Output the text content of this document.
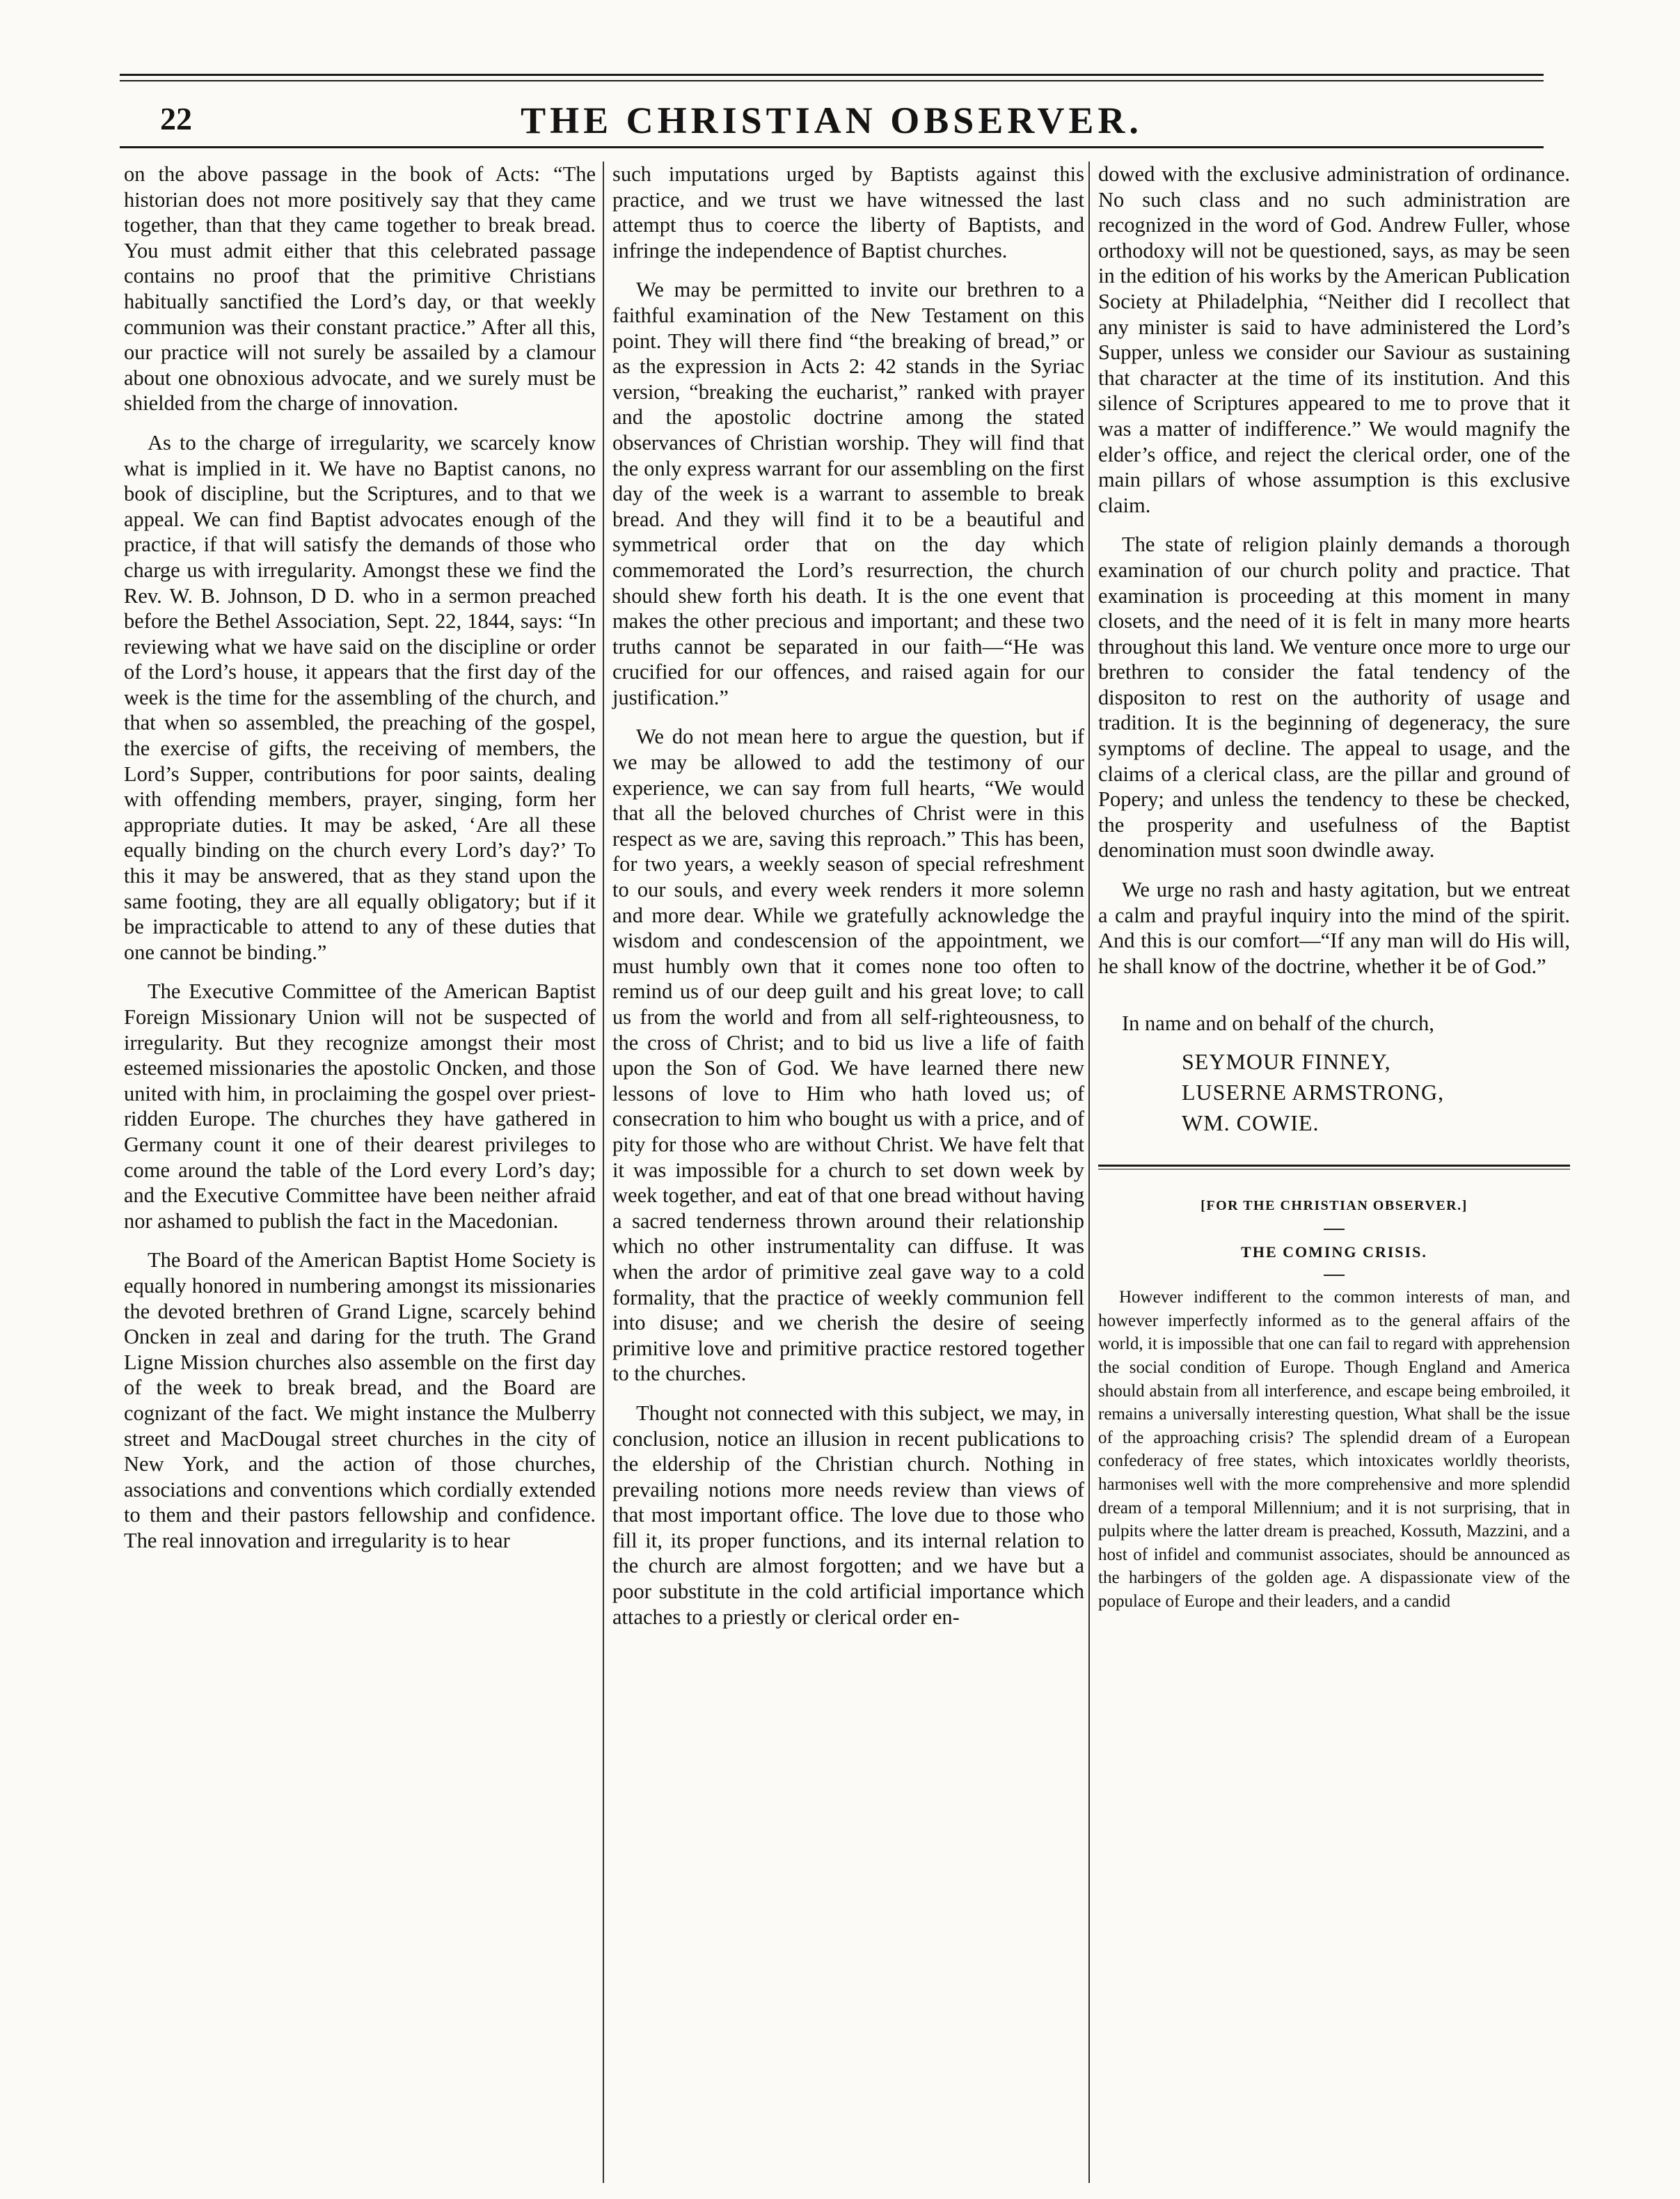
22	THE CHRISTIAN OBSERVER.

on the above passage in the book of Acts: “The historian does not more positively say that they came together, than that they came together to break bread. You must admit either that this celebrated passage contains no proof that the primitive Christians habitually sanctified the Lord’s day, or that weekly communion was their constant practice.” After all this, our practice will not surely be assailed by a clamour about one obnoxious advocate, and we surely must be shielded from the charge of innovation.

As to the charge of irregularity, we scarcely know what is implied in it. We have no Baptist canons, no book of discipline, but the Scriptures, and to that we appeal. We can find Baptist advocates enough of the practice, if that will satisfy the demands of those who charge us with irregularity. Amongst these we find the Rev. W. B. Johnson, D D. who in a sermon preached before the Bethel Association, Sept. 22, 1844, says: “In reviewing what we have said on the discipline or order of the Lord’s house, it appears that the first day of the week is the time for the assembling of the church, and that when so assembled, the preaching of the gospel, the exercise of gifts, the receiving of members, the Lord’s Supper, contributions for poor saints, dealing with offending members, prayer, singing, form her appropriate duties. It may be asked, ‘Are all these equally binding on the church every Lord’s day?’ To this it may be answered, that as they stand upon the same footing, they are all equally obligatory; but if it be impracticable to attend to any of these duties that one cannot be binding.”

The Executive Committee of the American Baptist Foreign Missionary Union will not be suspected of irregularity. But they recognize amongst their most esteemed missionaries the apostolic Oncken, and those united with him, in proclaiming the gospel over priest-ridden Europe. The churches they have gathered in Germany count it one of their dearest privileges to come around the table of the Lord every Lord’s day; and the Executive Committee have been neither afraid nor ashamed to publish the fact in the Macedonian.

The Board of the American Baptist Home Society is equally honored in numbering amongst its missionaries the devoted brethren of Grand Ligne, scarcely behind Oncken in zeal and daring for the truth. The Grand Ligne Mission churches also assemble on the first day of the week to break bread, and the Board are cognizant of the fact. We might instance the Mulberry street and MacDougal street churches in the city of New York, and the action of those churches, associations and conventions which cordially extended to them and their pastors fellowship and confidence. The real innovation and irregularity is to hear

such imputations urged by Baptists against this practice, and we trust we have witnessed the last attempt thus to coerce the liberty of Baptists, and infringe the independence of Baptist churches.

We may be permitted to invite our brethren to a faithful examination of the New Testament on this point. They will there find “the breaking of bread,” or as the expression in Acts 2: 42 stands in the Syriac version, “breaking the eucharist,” ranked with prayer and the apostolic doctrine among the stated observances of Christian worship. They will find that the only express warrant for our assembling on the first day of the week is a warrant to assemble to break bread. And they will find it to be a beautiful and symmetrical order that on the day which commemorated the Lord’s resurrection, the church should shew forth his death. It is the one event that makes the other precious and important; and these two truths cannot be separated in our faith—“He was crucified for our offences, and raised again for our justification.”

We do not mean here to argue the question, but if we may be allowed to add the testimony of our experience, we can say from full hearts, “We would that all the beloved churches of Christ were in this respect as we are, saving this reproach.” This has been, for two years, a weekly season of special refreshment to our souls, and every week renders it more solemn and more dear. While we gratefully acknowledge the wisdom and condescension of the appointment, we must humbly own that it comes none too often to remind us of our deep guilt and his great love; to call us from the world and from all self-righteousness, to the cross of Christ; and to bid us live a life of faith upon the Son of God. We have learned there new lessons of love to Him who hath loved us; of consecration to him who bought us with a price, and of pity for those who are without Christ. We have felt that it was impossible for a church to set down week by week together, and eat of that one bread without having a sacred tenderness thrown around their relationship which no other instrumentality can diffuse. It was when the ardor of primitive zeal gave way to a cold formality, that the practice of weekly communion fell into disuse; and we cherish the desire of seeing primitive love and primitive practice restored together to the churches.

Thought not connected with this subject, we may, in conclusion, notice an illusion in recent publications to the eldership of the Christian church. Nothing in prevailing notions more needs review than views of that most important office. The love due to those who fill it, its proper functions, and its internal relation to the church are almost forgotten; and we have but a poor substitute in the cold artificial importance which attaches to a priestly or clerical order en-

dowed with the exclusive administration of ordinance. No such class and no such administration are recognized in the word of God. Andrew Fuller, whose orthodoxy will not be questioned, says, as may be seen in the edition of his works by the American Publication Society at Philadelphia, “Neither did I recollect that any minister is said to have administered the Lord’s Supper, unless we consider our Saviour as sustaining that character at the time of its institution. And this silence of Scriptures appeared to me to prove that it was a matter of indifference.” We would magnify the elder’s office, and reject the clerical order, one of the main pillars of whose assumption is this exclusive claim.

The state of religion plainly demands a thorough examination of our church polity and practice. That examination is proceeding at this moment in many closets, and the need of it is felt in many more hearts throughout this land. We venture once more to urge our brethren to consider the fatal tendency of the dispositon to rest on the authority of usage and tradition. It is the beginning of degeneracy, the sure symptoms of decline. The appeal to usage, and the claims of a clerical class, are the pillar and ground of Popery; and unless the tendency to these be checked, the prosperity and usefulness of the Baptist denomination must soon dwindle away.

We urge no rash and hasty agitation, but we entreat a calm and prayful inquiry into the mind of the spirit. And this is our comfort—“If any man will do His will, he shall know of the doctrine, whether it be of God.”

In name and on behalf of the church,

SEYMOUR FINNEY,
LUSERNE ARMSTRONG,
WM. COWIE.
[FOR THE CHRISTIAN OBSERVER.]
THE COMING CRISIS.

However indifferent to the common interests of man, and however imperfectly informed as to the general affairs of the world, it is impossible that one can fail to regard with apprehension the social condition of Europe. Though England and America should abstain from all interference, and escape being embroiled, it remains a universally interesting question, What shall be the issue of the approaching crisis? The splendid dream of a European confederacy of free states, which intoxicates worldly theorists, harmonises well with the more comprehensive and more splendid dream of a temporal Millennium; and it is not surprising, that in pulpits where the latter dream is preached, Kossuth, Mazzini, and a host of infidel and communist associates, should be announced as the harbingers of the golden age. A dispassionate view of the populace of Europe and their leaders, and a candid
